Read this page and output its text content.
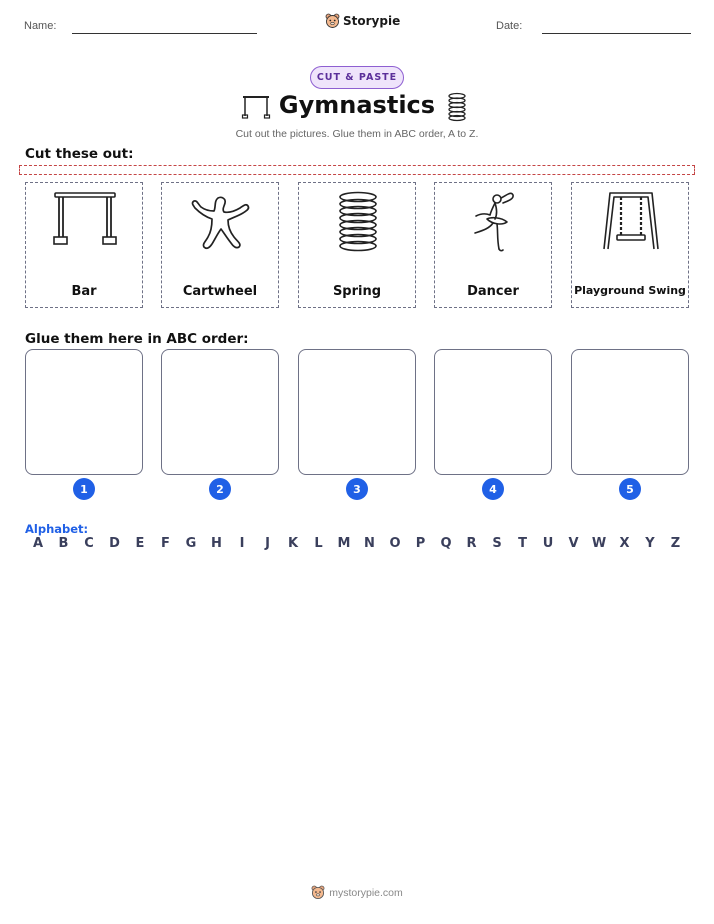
Name:	Storypie	Date:
CUT & PASTE
Gymnastics
Cut out the pictures. Glue them in ABC order, A to Z.
Cut these out:
Bar	Cartwheel	Spring	Dancer	Playground Swing
Glue them here in ABC order:
1	2	3	4	5
Alphabet:
A	B	C	D	E	F	G	H	I	J	K	L	M	N	O	P	Q	R	S	T	U	V	W	X	Y	Z
mystorypie.com
